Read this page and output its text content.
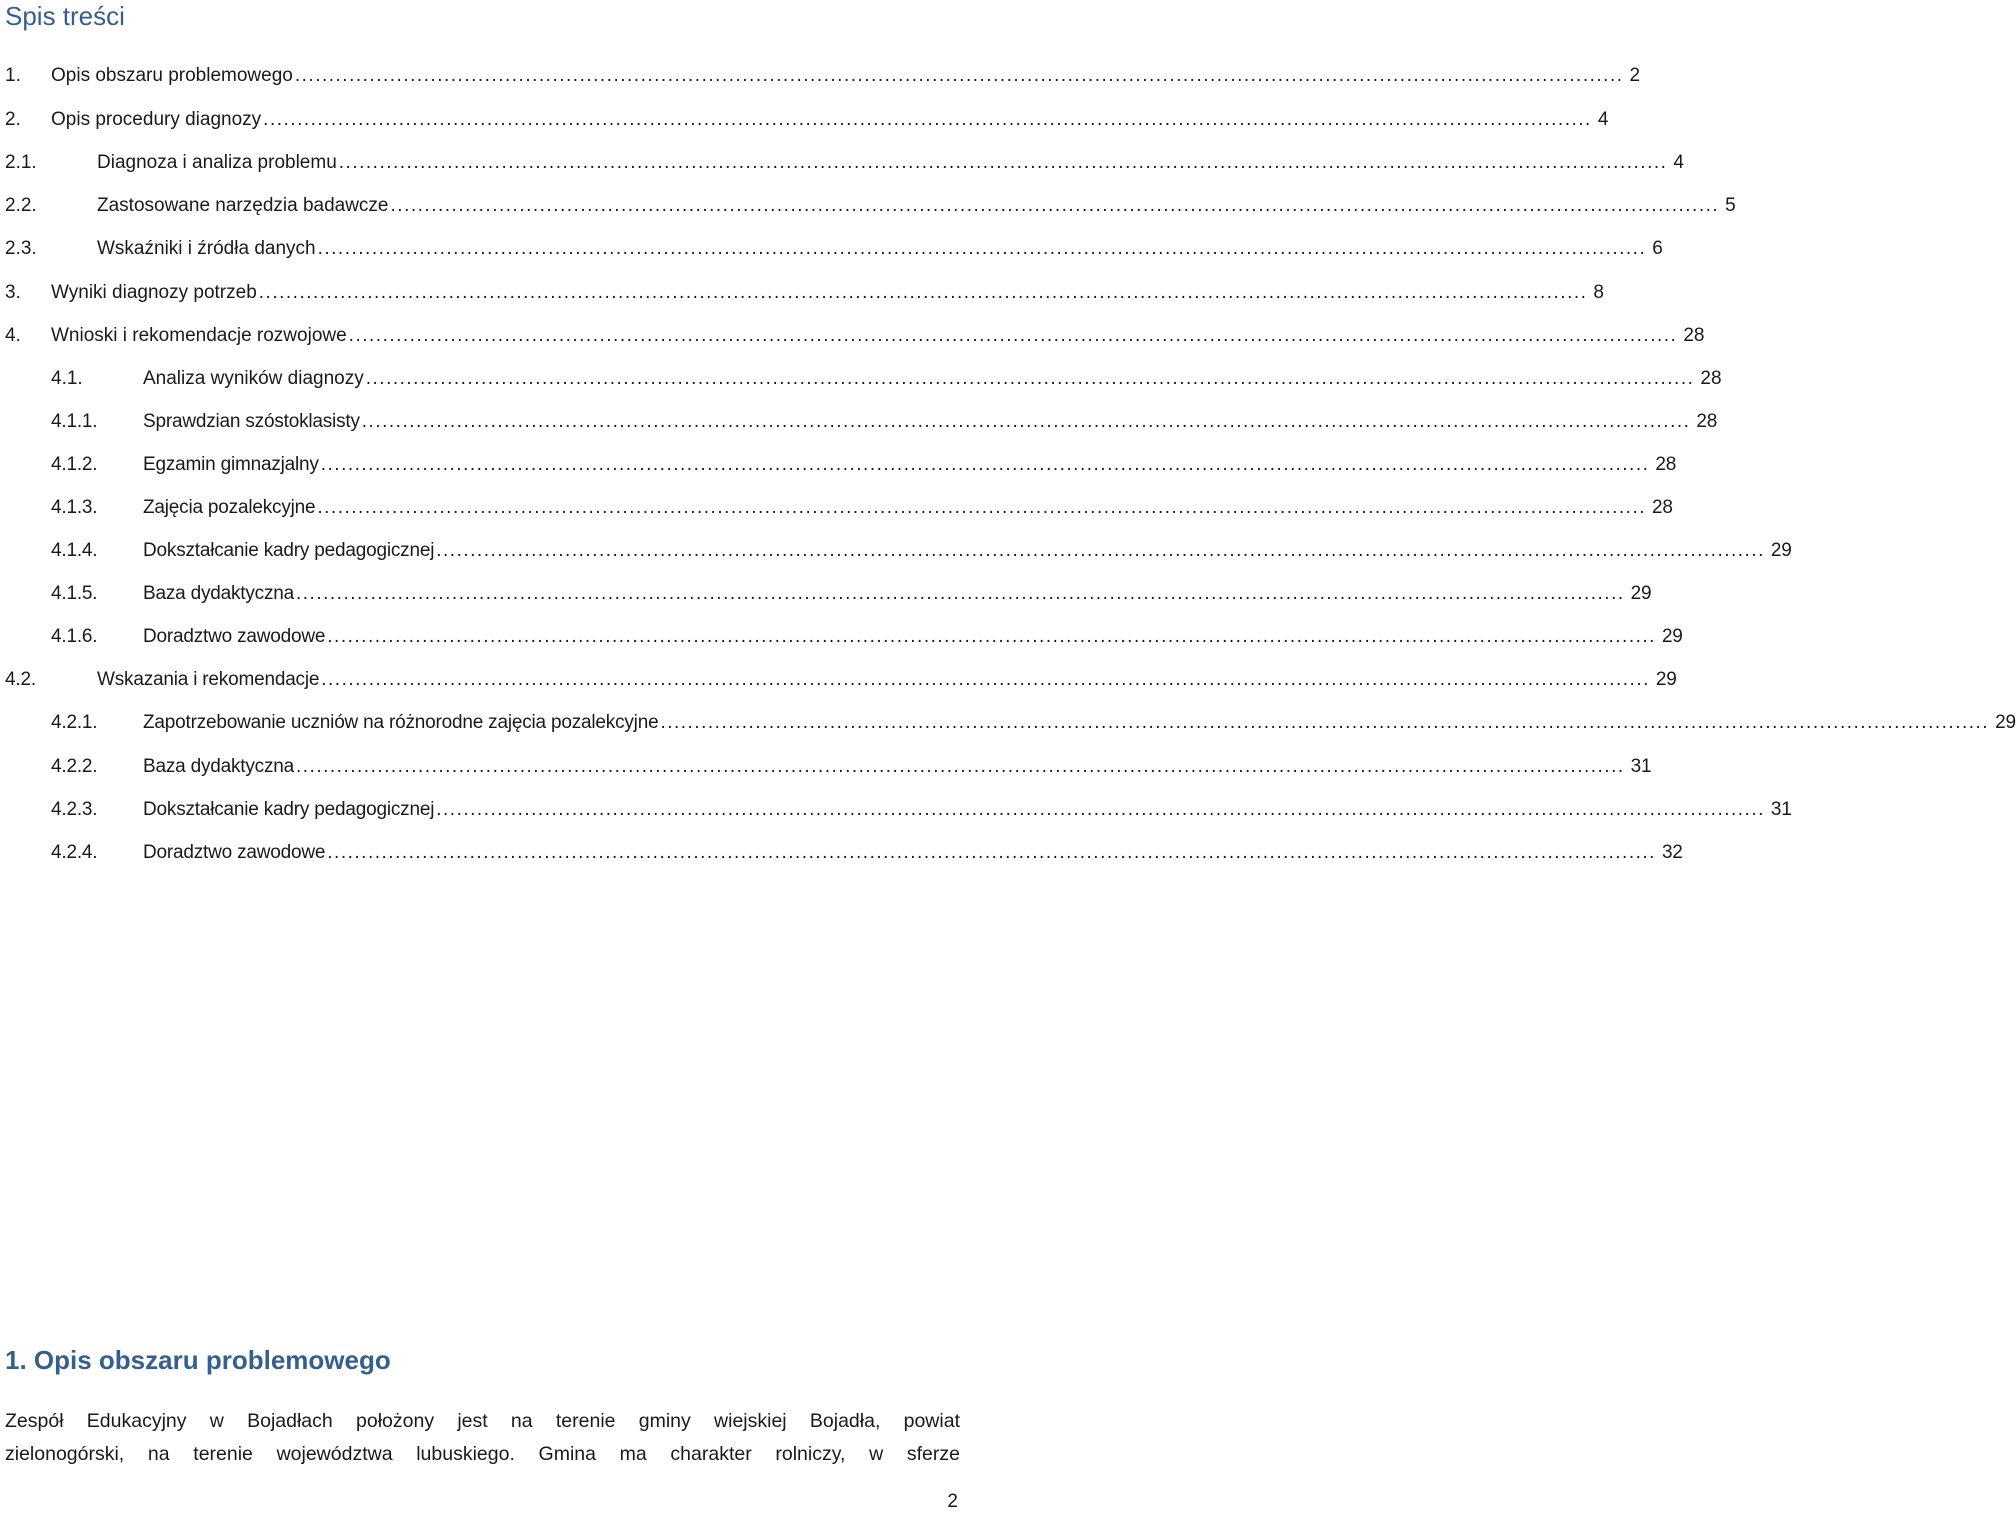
Spis treści
1. Opis obszaru problemowego .................................................................................................................................................................................................... 2
2. Opis procedury diagnozy .................................................................................................................................................................................................... 4
2.1.	Diagnoza i analiza problemu .................................................................................................................................................................................................... 4
2.2.	Zastosowane narzędzia badawcze .................................................................................................................................................................................................... 5
2.3.	Wskaźniki i źródła danych .................................................................................................................................................................................................... 6
3. Wyniki diagnozy potrzeb .................................................................................................................................................................................................... 8
4. Wnioski i rekomendacje rozwojowe .................................................................................................................................................................................................... 28
4.1.	Analiza wyników diagnozy .................................................................................................................................................................................................... 28
4.1.1. Sprawdzian szóstoklasisty .................................................................................................................................................................................................... 28
4.1.2. Egzamin gimnazjalny .................................................................................................................................................................................................... 28
4.1.3. Zajęcia pozalekcyjne .................................................................................................................................................................................................... 28
4.1.4. Dokształcanie kadry pedagogicznej .................................................................................................................................................................................................... 29
4.1.5. Baza dydaktyczna .................................................................................................................................................................................................... 29
4.1.6. Doradztwo zawodowe .................................................................................................................................................................................................... 29
4.2.	Wskazania i rekomendacje .................................................................................................................................................................................................... 29
4.2.1. Zapotrzebowanie uczniów na różnorodne zajęcia pozalekcyjne .................................................................................................................................................................................................... 29
4.2.2. Baza dydaktyczna .................................................................................................................................................................................................... 31
4.2.3. Dokształcanie kadry pedagogicznej .................................................................................................................................................................................................... 31
4.2.4. Doradztwo zawodowe .................................................................................................................................................................................................... 32
1. Opis obszaru problemowego
Zespół Edukacyjny w Bojadłach położony jest na terenie gminy wiejskiej Bojadła, powiat
zielonogórski, na terenie województwa lubuskiego. Gmina ma charakter rolniczy, w sferze
2
